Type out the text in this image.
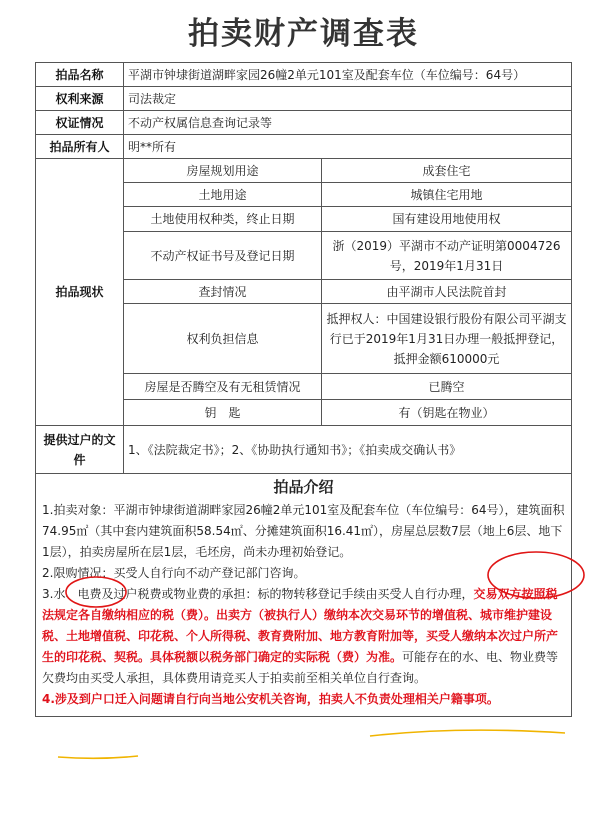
拍卖财产调查表
拍品名称	平湖市钟埭街道湖畔家园26幢2单元101室及配套车位（车位编号：64号）	
权利来源	司法裁定	
权证情况	不动产权属信息查询记录等	
拍品所有人	明**所有	
拍品现状	房屋规划用途	成套住宅
	土地用途	城镇住宅用地
	土地使用权种类，终止日期	国有建设用地使用权
	不动产权证书号及登记日期	浙（2019）平湖市不动产证明第0004726号，2019年1月31日
	查封情况	由平湖市人民法院首封
	权利负担信息	抵押权人：中国建设银行股份有限公司平湖支行已于2019年1月31日办理一般抵押登记，抵押金额610000元
	房屋是否腾空及有无租赁情况	已腾空
	钥　匙	有（钥匙在物业）
提供过户的文件	1、《法院裁定书》；2、《协助执行通知书》；《拍卖成交确认书》	

拍品介绍

1.拍卖对象：平湖市钟埭街道湖畔家园26幢2单元101室及配套车位（车位编号：64号），建筑面积74.95㎡（其中套内建筑面积58.54㎡、分摊建筑面积16.41㎡），房屋总层数7层（地上6层、地下1层），拍卖房屋所在层1层，毛坯房，尚未办理初始登记。

2.限购情况：买受人自行向不动产登记部门咨询。

3.水、电费及过户税费或物业费的承担：标的物转移登记手续由买受人自行办理，交易双方按照税法规定各自缴纳相应的税（费）。出卖方（被执行人）缴纳本次交易环节的增值税、城市维护建设税、土地增值税、印花税、个人所得税、教育费附加、地方教育附加等，买受人缴纳本次过户所产生的印花税、契税。具体税额以税务部门确定的实际税（费）为准。可能存在的水、电、物业费等欠费均由买受人承担，具体费用请竞买人于拍卖前至相关单位自行查询。

4.涉及到户口迁入问题请自行向当地公安机关咨询，拍卖人不负责处理相关户籍事项。		
